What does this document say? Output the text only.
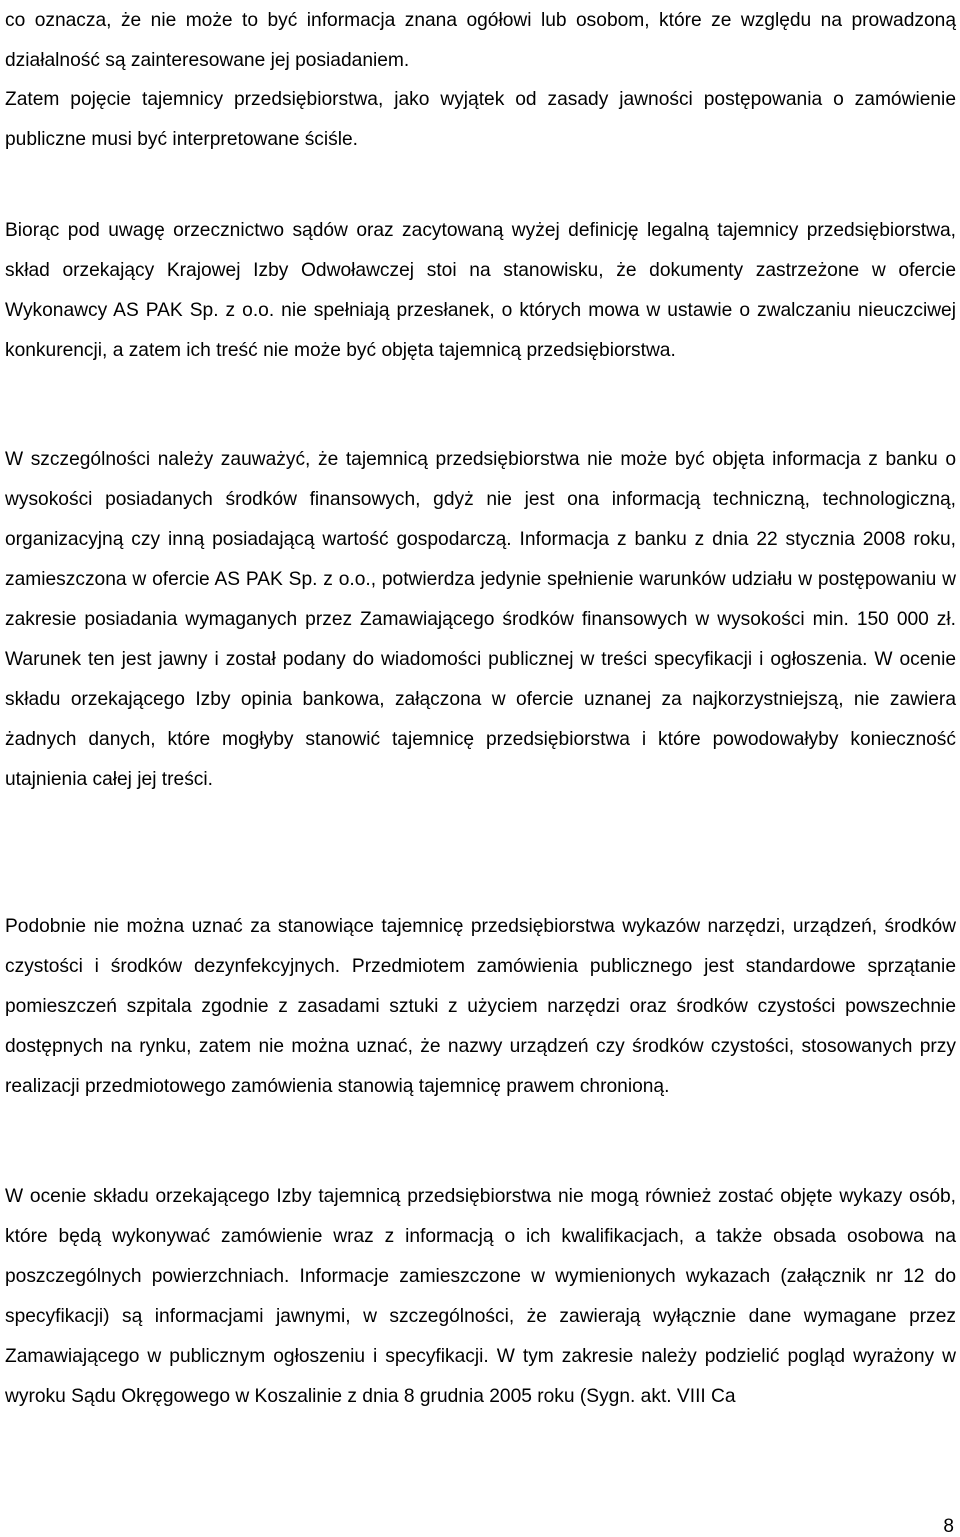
co oznacza, że nie może to być informacja znana ogółowi lub osobom, które ze względu na prowadzoną działalność są zainteresowane jej posiadaniem.

Zatem pojęcie tajemnicy przedsiębiorstwa, jako wyjątek od zasady jawności postępowania o zamówienie publiczne musi być interpretowane ściśle.

Biorąc pod uwagę orzecznictwo sądów oraz zacytowaną wyżej definicję legalną tajemnicy przedsiębiorstwa, skład orzekający Krajowej Izby Odwoławczej stoi na stanowisku, że dokumenty zastrzeżone w ofercie Wykonawcy AS PAK Sp. z o.o. nie spełniają przesłanek, o których mowa w ustawie o zwalczaniu nieuczciwej konkurencji, a zatem ich treść nie może być objęta tajemnicą przedsiębiorstwa.

W szczególności należy zauważyć, że tajemnicą przedsiębiorstwa nie może być objęta informacja z banku o wysokości posiadanych środków finansowych, gdyż nie jest ona informacją techniczną, technologiczną, organizacyjną czy inną posiadającą wartość gospodarczą. Informacja z banku z dnia 22 stycznia 2008 roku, zamieszczona w ofercie AS PAK Sp. z o.o., potwierdza jedynie spełnienie warunków udziału w postępowaniu w zakresie posiadania wymaganych przez Zamawiającego środków finansowych w wysokości min. 150 000 zł. Warunek ten jest jawny i został podany do wiadomości publicznej w treści specyfikacji i ogłoszenia. W ocenie składu orzekającego Izby opinia bankowa, załączona w ofercie uznanej za najkorzystniejszą, nie zawiera żadnych danych, które mogłyby stanowić tajemnicę przedsiębiorstwa i które powodowałyby konieczność utajnienia całej jej treści.

Podobnie nie można uznać za stanowiące tajemnicę przedsiębiorstwa wykazów narzędzi, urządzeń, środków czystości i środków dezynfekcyjnych. Przedmiotem zamówienia publicznego jest standardowe sprzątanie pomieszczeń szpitala zgodnie z zasadami sztuki z użyciem narzędzi oraz środków czystości powszechnie dostępnych na rynku, zatem nie można uznać, że nazwy urządzeń czy środków czystości, stosowanych przy realizacji przedmiotowego zamówienia stanowią tajemnicę prawem chronioną.

W ocenie składu orzekającego Izby tajemnicą przedsiębiorstwa nie mogą również zostać objęte wykazy osób, które będą wykonywać zamówienie wraz z informacją o ich kwalifikacjach, a także obsada osobowa na poszczególnych powierzchniach. Informacje zamieszczone w wymienionych wykazach (załącznik nr 12 do specyfikacji) są informacjami jawnymi, w szczególności, że zawierają wyłącznie dane wymagane przez Zamawiającego w publicznym ogłoszeniu i specyfikacji. W tym zakresie należy podzielić pogląd wyrażony w wyroku Sądu Okręgowego w Koszalinie z dnia 8 grudnia 2005 roku (Sygn. akt. VIII Ca

8
